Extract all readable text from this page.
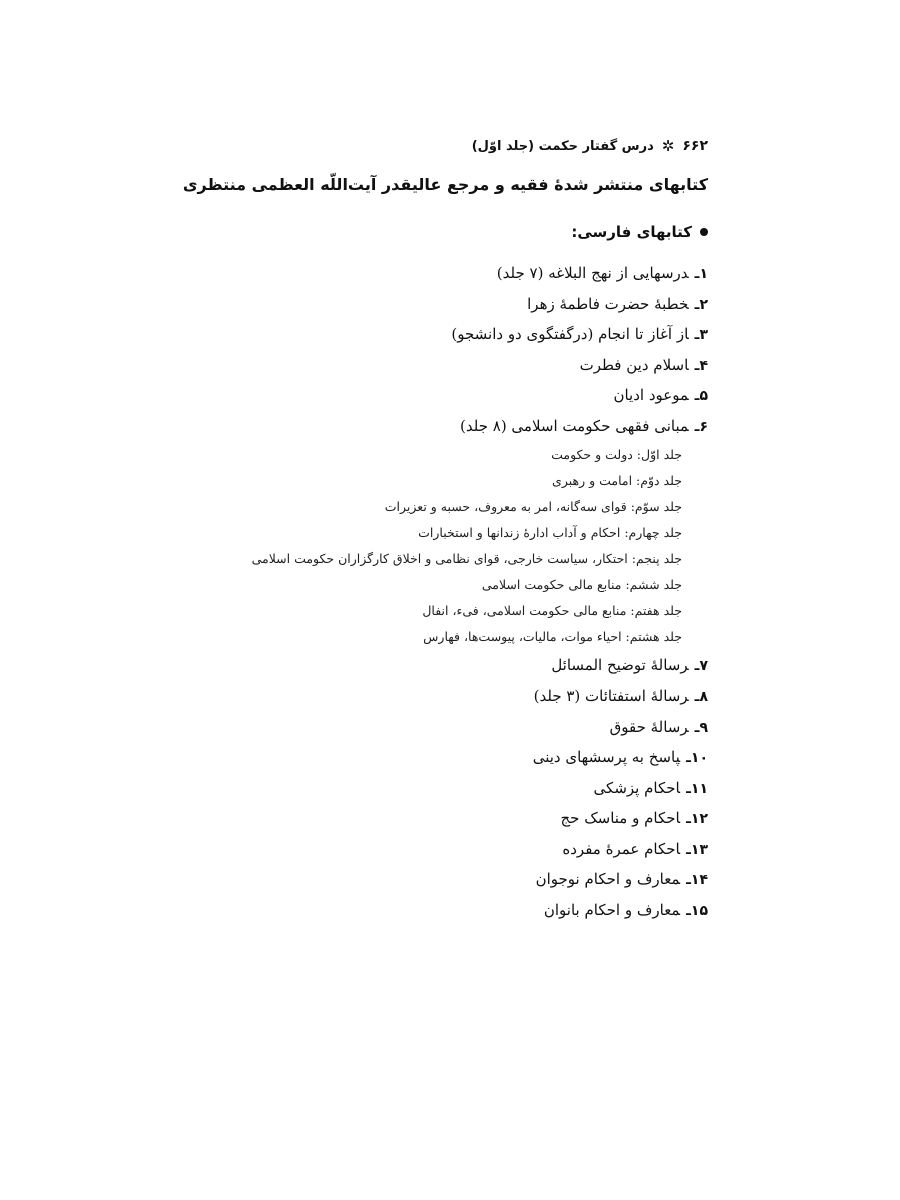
۶۶۲
✲
درس گفتار حکمت (جلد اوّل)
کتابهای منتشر شدۀ فقیه و مرجع عالیقدر آیت‌اللّه العظمی منتظری
کتابهای فارسی:
۱ـدرسهایی از نهج البلاغه (۷ جلد)
۲ـخطبۀ حضرت فاطمۀ زهرا
۳ـاز آغاز تا انجام (درگفتگوی دو دانشجو)
۴ـاسلام دین فطرت
۵ـموعود ادیان
۶ـمبانی فقهی حکومت اسلامی (۸ جلد)
جلد اوّل: دولت و حکومت
جلد دوّم: امامت و رهبری
جلد سوّم: قوای سه‌گانه، امر به معروف، حسبه و تعزیرات
جلد چهارم: احکام و آداب ادارۀ زندانها و استخبارات
جلد پنجم: احتکار، سیاست خارجی، قوای نظامی و اخلاق کارگزاران حکومت اسلامی
جلد ششم: منابع مالی حکومت اسلامی
جلد هفتم: منابع مالی حکومت اسلامی، فی‌ء، انفال
جلد هشتم: احیاء موات، مالیات، پیوست‌ها، فهارس
۷ـرسالۀ توضیح المسائل
۸ـرسالۀ استفتائات (۳ جلد)
۹ـرسالۀ حقوق
۱۰ـپاسخ به پرسشهای دینی
۱۱ـاحکام پزشکی
۱۲ـاحکام و مناسک حج
۱۳ـاحکام عمرۀ مفرده
۱۴ـمعارف و احکام نوجوان
۱۵ـمعارف و احکام بانوان
